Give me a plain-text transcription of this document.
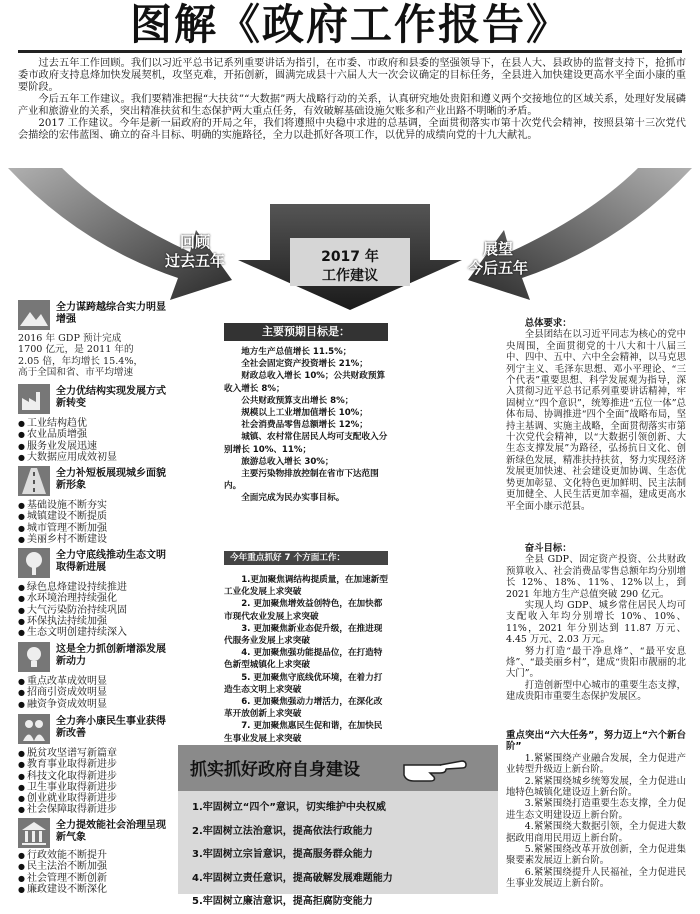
图解《政府工作报告》

过去五年工作回顾。我们以习近平总书记系列重要讲话为指引，在市委、市政府和县委的坚强领导下，在县人大、县政协的监督支持下，抢抓市委市政府支持息烽加快发展契机，攻坚克难，开拓创新，圆满完成县十六届人大一次会议确定的目标任务，全县进入加快建设更高水平全面小康的重要阶段。

今后五年工作建议。我们要精准把握“大扶贫”“大数据”两大战略行动的关系，认真研究地处贵阳和遵义两个交接地位的区域关系，处理好发展磷产业和旅游业的关系，突出精准扶贫和生态保护两大重点任务，有效破解基础设施欠账多和产业出路不明晰的矛盾。

2017 工作建议。今年是新一届政府的开局之年，我们将遵照中央稳中求进的总基调，全面贯彻落实市第十次党代会精神，按照县第十三次党代会描绘的宏伟蓝图、确立的奋斗目标、明确的实施路径，全力以赴抓好各项工作，以优异的成绩向党的十九大献礼。

回顾
过去五年	2017 年
工作建议
展望
今后五年
全力谋跨越综合实力明显增强
2016 年 GDP 预计完成 1700 亿元，是 2011 年的 2.05 倍，年均增长 15.4%，高于全国和省、市平均增速
全力优结构实现发展方式新转变
● 工业结构趋优
● 农业品质增强
● 服务业发展迅速
● 大数据应用成效初显
全力补短板展现城乡面貌新形象
● 基础设施不断夯实
● 城镇建设不断提质
● 城市管理不断加强
● 美丽乡村不断建设
全力守底线推动生态文明取得新进展
● 绿色息烽建设持续推进
● 水环境治理持续强化
● 大气污染防治持续巩固
● 环保执法持续加强
● 生态文明创建持续深入
这是全力抓创新增添发展新动力
● 重点改革成效明显
● 招商引资成效明显
● 融资争资成效明显
全力奔小康民生事业获得新改善
● 脱贫攻坚谱写新篇章
● 教育事业取得新进步
● 科技文化取得新进步
● 卫生事业取得新进步
● 创业就业取得新进步
● 社会保障取得新进步
全力提效能社会治理呈现新气象
● 行政效能不断提升
● 民主法治不断加强
● 社会管理不断创新
● 廉政建设不断深化
主要预期目标是：

地方生产总值增长 11.5%；

全社会固定资产投资增长 21%；

财政总收入增长 10%；公共财政预算收入增长 8%；

公共财政预算支出增长 8%；

规模以上工业增加值增长 10%；

社会消费品零售总额增长 12%；

城镇、农村常住居民人均可支配收入分别增长 10%、11%；

旅游总收入增长 30%；

主要污染物排放控制在省市下达范围内。

全面完成为民办实事目标。

今年重点抓好 7 个方面工作：

1.更加聚焦调结构提质量，在加速新型工业化发展上求突破

2. 更加聚焦增效益创特色，在加快都市现代农业发展上求突破

3. 更加聚焦新业态促升级，在推进现代服务业发展上求突破

4. 更加聚焦强功能提品位，在打造特色新型城镇化上求突破

5. 更加聚焦守底线优环境，在着力打造生态文明上求突破

6. 更加聚焦强动力增活力，在深化改革开放创新上求突破

7. 更加聚焦惠民生促和谐，在加快民生事业发展上求突破

总体要求：

全县团结在以习近平同志为核心的党中央周围，全面贯彻党的十八大和十八届三中、四中、五中、六中全会精神，以马克思列宁主义、毛泽东思想、邓小平理论、“三个代表”重要思想、科学发展观为指导，深入贯彻习近平总书记系列重要讲话精神，牢固树立“四个意识”，统筹推进“五位一体”总体布局、协调推进“四个全面”战略布局，坚持主基调、实施主战略，全面贯彻落实市第十次党代会精神，以“大数据引领创新、大生态支撑发展”为路径，弘扬抗日文化、创新绿色发展，精准扶持扶贫，努力实现经济发展更加快速、社会建设更加协调、生态优势更加彰显、文化特色更加鲜明、民主法制更加健全、人民生活更加幸福，建成更高水平全面小康示范县。

奋斗目标：

全县 GDP、固定资产投资、公共财政预算收入、社会消费品零售总额年均分别增长 12%、18%、11%、12%以上，到 2021 年地方生产总值突破 290 亿元。

实现人均 GDP、城乡常住居民人均可支配收入年均分别增长 10%、10%、11%，2021 年分别达到 11.87 万元、4.45 万元、2.03 万元。

努力打造“最干净息烽”、“最平安息烽”、“最美丽乡村”，建成“贵阳市靓丽的北大门”。

打造创新型中心城市的重要生态支撑，建成贵阳市重要生态保护发展区。

重点突出“六大任务”，努力迈上“六个新台阶”

1.紧紧围绕产业融合发展，全力促进产业转型升级迈上新台阶。

2.紧紧围绕城乡统筹发展，全力促进山地特色城镇化建设迈上新台阶。

3.紧紧围绕打造重要生态支撑，全力促进生态文明建设迈上新台阶。

4.紧紧围绕大数据引领，全力促进大数据政用商用民用迈上新台阶。

5.紧紧围绕改革开放创新，全力促进集聚要素发展迈上新台阶。

6.紧紧围绕提升人民福祉，全力促进民生事业发展迈上新台阶。

抓实抓好政府自身建设
1.牢固树立“四个”意识，切实维护中央权威
2.牢固树立法治意识，提高依法行政能力
3.牢固树立宗旨意识，提高服务群众能力
4.牢固树立责任意识，提高破解发展难题能力
5.牢固树立廉洁意识，提高拒腐防变能力
